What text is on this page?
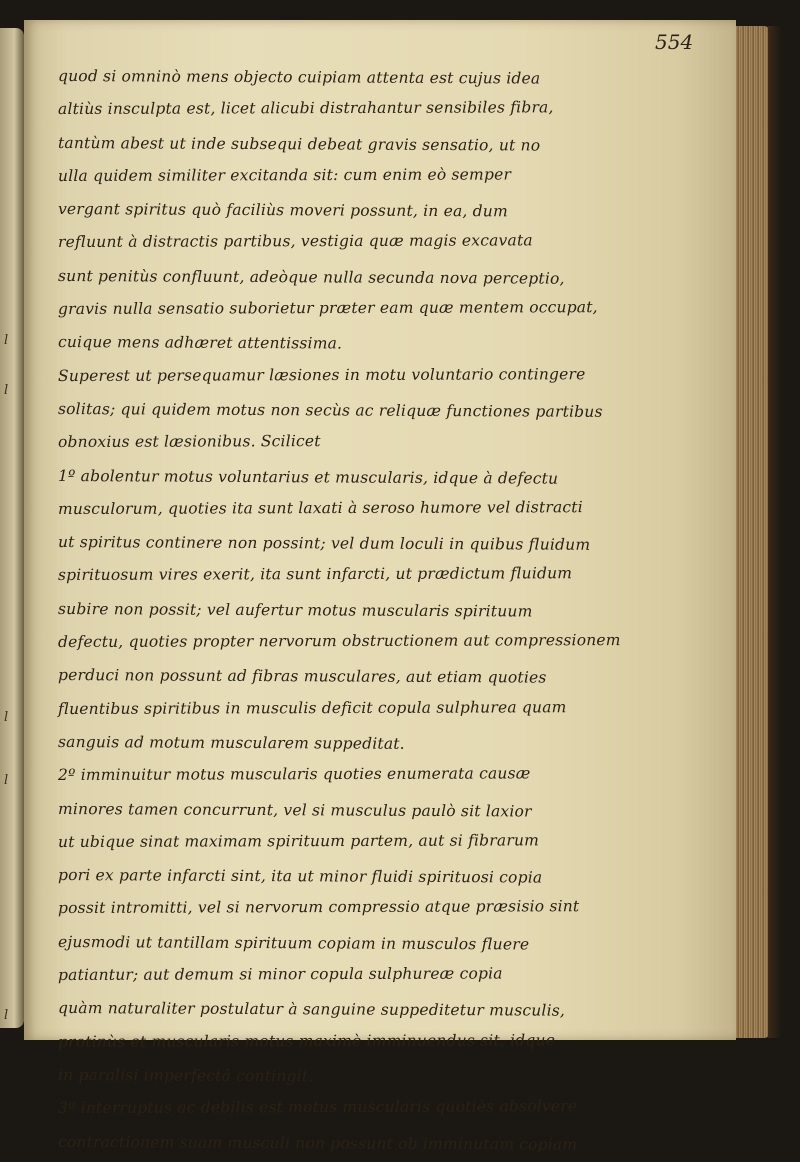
l
l
l
l
l
554
quod si omninò mens objecto cuipiam attenta est cujus idea
altiùs insculpta est, licet alicubi distrahantur sensibiles fibra,
tantùm abest ut inde subsequi debeat gravis sensatio, ut no
ulla quidem similiter excitanda sit: cum enim eò semper
vergant spiritus quò faciliùs moveri possunt, in ea, dum
refluunt à distractis partibus, vestigia quæ magis excavata
sunt penitùs confluunt, adeòque nulla secunda nova perceptio,
gravis nulla sensatio suborietur præter eam quæ mentem occupat,
cuique mens adhæret attentissima.
Superest ut persequamur læsiones in motu voluntario contingere
solitas; qui quidem motus non secùs ac reliquæ functiones partibus
obnoxius est læsionibus. Scilicet
1º abolentur motus voluntarius et muscularis, idque à defectu
musculorum, quoties ita sunt laxati à seroso humore vel distracti
ut spiritus continere non possint; vel dum loculi in quibus fluidum
spirituosum vires exerit, ita sunt infarcti, ut prædictum fluidum
subire non possit; vel aufertur motus muscularis spirituum
defectu, quoties propter nervorum obstructionem aut compressionem
perduci non possunt ad fibras musculares, aut etiam quoties
fluentibus spiritibus in musculis deficit copula sulphurea quam
sanguis ad motum muscularem suppeditat.
2º imminuitur motus muscularis quoties enumerata causæ
minores tamen concurrunt, vel si musculus paulò sit laxior
ut ubique sinat maximam spirituum partem, aut si fibrarum
pori ex parte infarcti sint, ita ut minor fluidi spirituosi copia
possit intromitti, vel si nervorum compressio atque præsisio sint
ejusmodi ut tantillam spirituum copiam in musculos fluere
patiantur; aut demum si minor copula sulphureæ copia
quàm naturaliter postulatur à sanguine suppeditetur musculis,
protinùs et muscularis motus maximè imminuendus sit, idque
in paralisi imperfectâ contingit.
3º interruptus ac debilis est motus muscularis quotiès absolvere
contractionem suam musculi non possunt ob imminutam copiam
